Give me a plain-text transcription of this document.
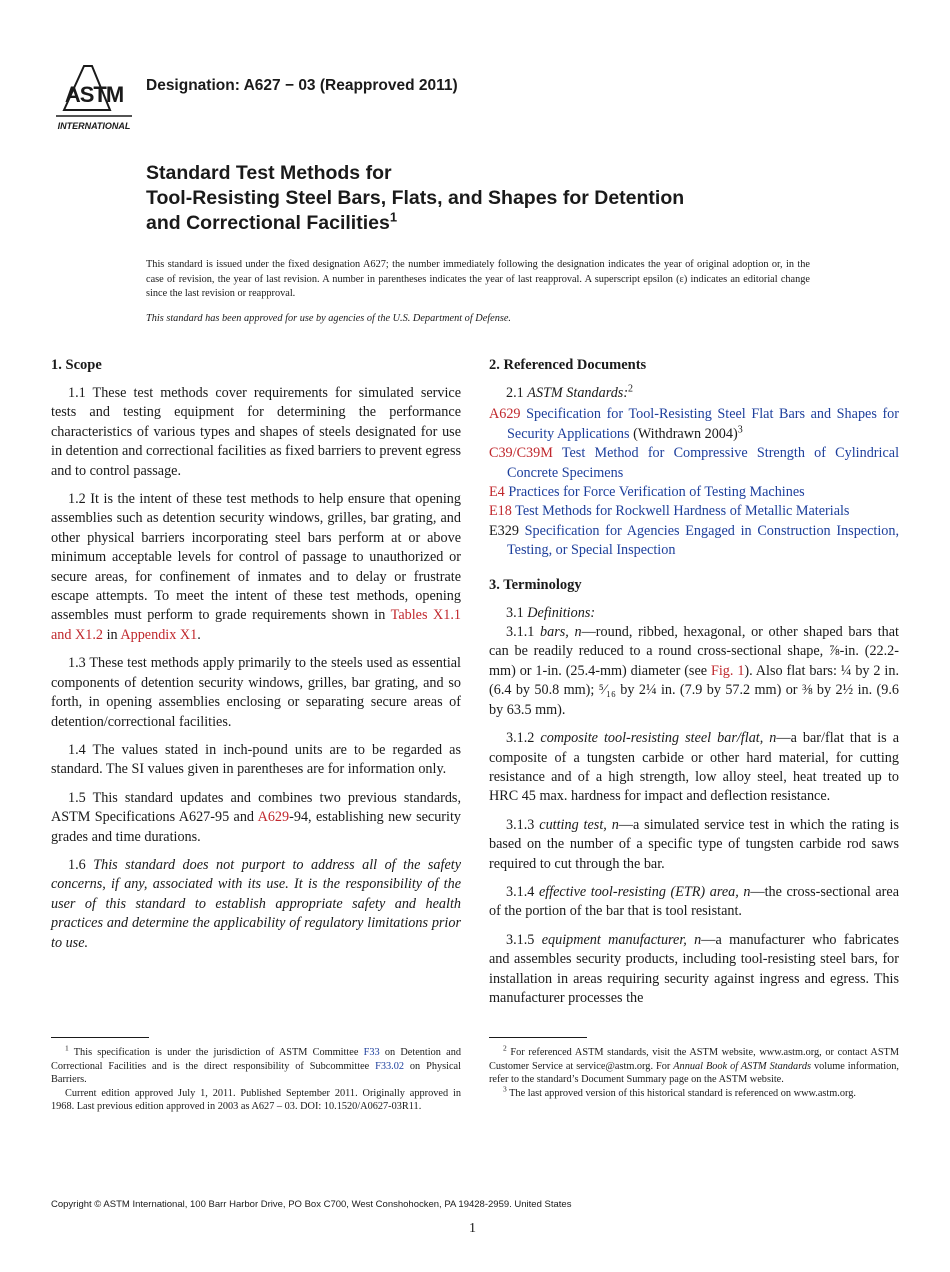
ASTM
INTERNATIONAL
Designation: A627 − 03 (Reapproved 2011)
Standard Test Methods for
Tool-Resisting Steel Bars, Flats, and Shapes for Detention
and Correctional Facilities$^1$
This standard is issued under the fixed designation A627; the number immediately following the designation indicates the year of original adoption or, in the case of revision, the year of last revision. A number in parentheses indicates the year of last reapproval. A superscript epsilon (ε) indicates an editorial change since the last revision or reapproval.
This standard has been approved for use by agencies of the U.S. Department of Defense.
1. Scope

1.1 These test methods cover requirements for simulated service tests and testing equipment for determining the performance characteristics of various types and shapes of steels designated for use in detention and correctional facilities as fixed barriers to prevent egress and to control passage.

1.2 It is the intent of these test methods to help ensure that opening assemblies such as detention security windows, grilles, bar grating, and other physical barriers incorporating steel bars perform at or above minimum acceptable levels for control of passage to unauthorized or secure areas, for confinement of inmates and to delay or frustrate escape attempts. To meet the intent of these test methods, opening assembles must perform to grade requirements shown in Tables X1.1 and X1.2 in Appendix X1.

1.3 These test methods apply primarily to the steels used as essential components of detention security windows, grilles, bar grating, and so forth, in opening assemblies enclosing or separating secure areas of detention/correctional facilities.

1.4 The values stated in inch-pound units are to be regarded as standard. The SI values given in parentheses are for information only.

1.5 This standard updates and combines two previous standards, ASTM Specifications A627-95 and A629-94, establishing new security grades and time durations.

1.6 This standard does not purport to address all of the safety concerns, if any, associated with its use. It is the responsibility of the user of this standard to establish appropriate safety and health practices and determine the applicability of regulatory limitations prior to use.

2. Referenced Documents
2.1 ASTM Standards:$^2$
A629 Specification for Tool-Resisting Steel Flat Bars and Shapes for Security Applications (Withdrawn 2004)$^3$
C39/C39M Test Method for Compressive Strength of Cylindrical Concrete Specimens
E4 Practices for Force Verification of Testing Machines
E18 Test Methods for Rockwell Hardness of Metallic Materials
E329 Specification for Agencies Engaged in Construction Inspection, Testing, or Special Inspection
3. Terminology
3.1 Definitions:

3.1.1 bars, n—round, ribbed, hexagonal, or other shaped bars that can be readily reduced to a round cross-sectional shape, ⅞-in. (22.2-mm) or 1-in. (25.4-mm) diameter (see Fig. 1). Also flat bars: ¼ by 2 in. (6.4 by 50.8 mm); ⁵⁄₁₆ by 2¼ in. (7.9 by 57.2 mm) or ⅜ by 2½ in. (9.6 by 63.5 mm).

3.1.2 composite tool-resisting steel bar/flat, n—a bar/flat that is a composite of a tungsten carbide or other hard material, for cutting resistance and of a high strength, low alloy steel, heat treated up to HRC 45 max. hardness for impact and deflection resistance.

3.1.3 cutting test, n—a simulated service test in which the rating is based on the number of a specific type of tungsten carbide rod saws required to cut through the bar.

3.1.4 effective tool-resisting (ETR) area, n—the cross-sectional area of the portion of the bar that is tool resistant.

3.1.5 equipment manufacturer, n—a manufacturer who fabricates and assembles security products, including tool-resisting steel bars, for installation in areas requiring security against ingress and egress. This manufacturer processes the

$^1$ This specification is under the jurisdiction of ASTM Committee F33 on Detention and Correctional Facilities and is the direct responsibility of Subcommittee F33.02 on Physical Barriers.
Current edition approved July 1, 2011. Published September 2011. Originally approved in 1968. Last previous edition approved in 2003 as A627 – 03. DOI: 10.1520/A0627-03R11.
$^2$ For referenced ASTM standards, visit the ASTM website, www.astm.org, or contact ASTM Customer Service at service@astm.org. For Annual Book of ASTM Standards volume information, refer to the standard’s Document Summary page on the ASTM website.
$^3$ The last approved version of this historical standard is referenced on www.astm.org.
Copyright © ASTM International, 100 Barr Harbor Drive, PO Box C700, West Conshohocken, PA 19428-2959. United States
1
